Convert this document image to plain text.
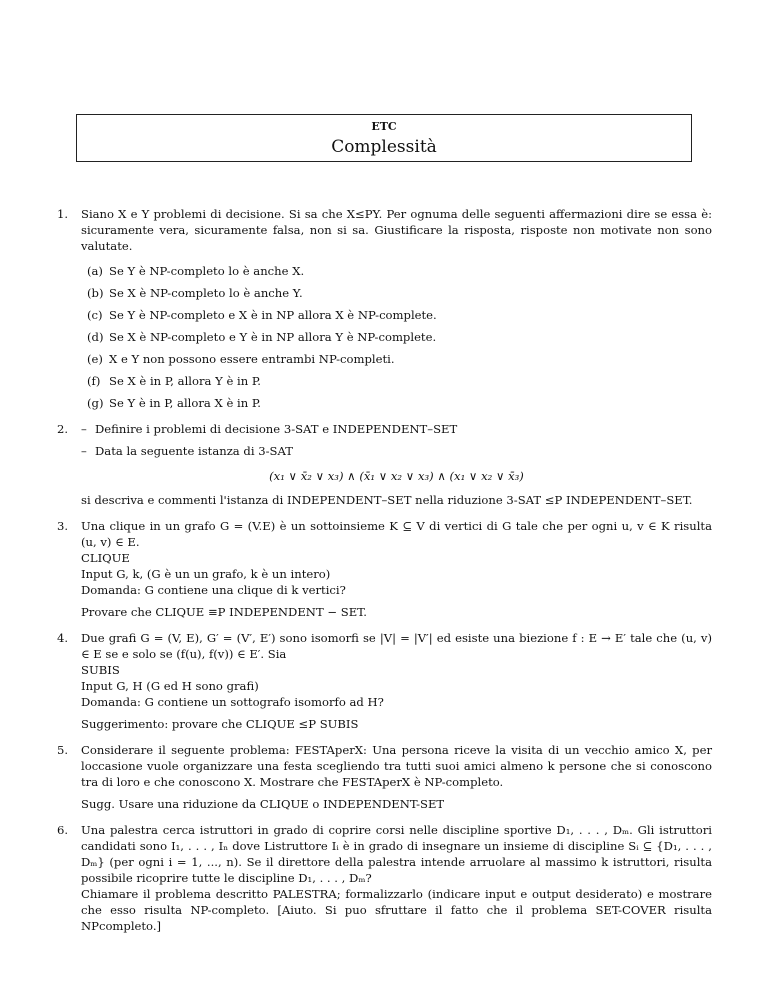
ETC
Complessità
1. Siano X e Y problemi di decisione. Si sa che X≤PY. Per ognuma delle seguenti affermazioni dire se essa è: sicuramente vera, sicuramente falsa, non si sa. Giustificare la risposta, risposte non motivate non sono valutate.

(a) Se Y è NP-completo lo è anche X.
(b) Se X è NP-completo lo è anche Y.
(c) Se Y è NP-completo e X è in NP allora X è NP-complete.
(d) Se X è NP-completo e Y è in NP allora Y è NP-complete.
(e) X e Y non possono essere entrambi NP-completi.
(f) Se X è in P, allora Y è in P.
(g) Se Y è in P, allora X è in P.
2. – Definire i problemi di decisione 3-SAT e INDEPENDENT–SET
– Data la seguente istanza di 3-SAT
(x₁ ∨ x̄₂ ∨ x₃) ∧ (x̄₁ ∨ x₂ ∨ x₃) ∧ (x₁ ∨ x₂ ∨ x̄₃)

si descriva e commenti l'istanza di INDEPENDENT–SET nella riduzione 3-SAT ≤P INDEPENDENT–SET.

3. Una clique in un grafo G = (V.E) è un sottoinsieme K ⊆ V di vertici di G tale che per ogni u, v ∈ K risulta (u, v) ∈ E.

CLIQUE
Input G, k, (G è un un grafo, k è un intero)
Domanda: G contiene una clique di k vertici?
Provare che CLIQUE ≡P INDEPENDENT − SET.
4. Due grafi G = (V, E), G′ = (V′, E′) sono isomorfi se |V| = |V′| ed esiste una biezione f : E → E′ tale che (u, v) ∈ E se e solo se (f(u), f(v)) ∈ E′. Sia

SUBIS
Input G, H (G ed H sono grafi)
Domanda: G contiene un sottografo isomorfo ad H?
Suggerimento: provare che CLIQUE ≤P SUBIS
5. Considerare il seguente problema: FESTAperX: Una persona riceve la visita di un vecchio amico X, per loccasione vuole organizzare una festa scegliendo tra tutti suoi amici almeno k persone che si conoscono tra di loro e che conoscono X. Mostrare che FESTAperX è NP-completo.

Sugg. Usare una riduzione da CLIQUE o INDEPENDENT-SET
6. Una palestra cerca istruttori in grado di coprire corsi nelle discipline sportive D₁, . . . , Dₘ. Gli istruttori candidati sono I₁, . . . , Iₙ dove Listruttore Iᵢ è in grado di insegnare un insieme di discipline Sᵢ ⊆ {D₁, . . . , Dₘ} (per ogni i = 1, ..., n). Se il direttore della palestra intende arruolare al massimo k istruttori, risulta possibile ricoprire tutte le discipline D₁, . . . , Dₘ?

Chiamare il problema descritto PALESTRA; formalizzarlo (indicare input e output desiderato) e mostrare che esso risulta NP-completo. [Aiuto. Si puo sfruttare il fatto che il problema SET-COVER risulta NPcompleto.]
